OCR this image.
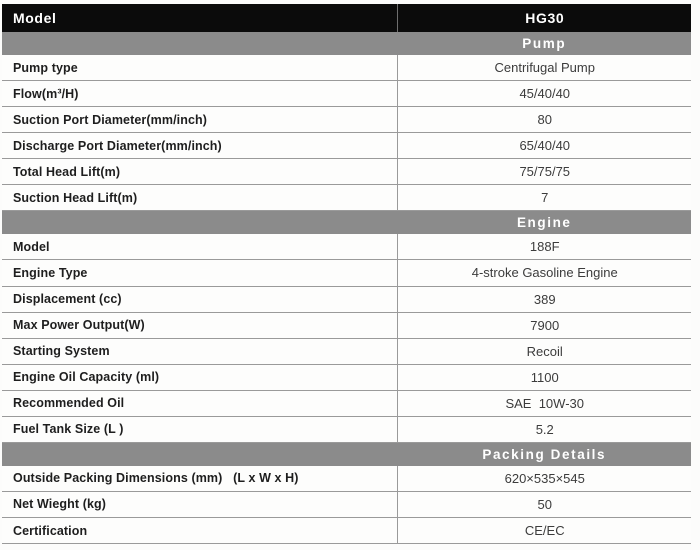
Model	HG30
Pump
Pump type	Centrifugal Pump
Flow(m³/H)	45/40/40
Suction Port Diameter(mm/inch)	80
Discharge Port Diameter(mm/inch)	65/40/40
Total Head Lift(m)	75/75/75
Suction Head Lift(m)	7
Engine
Model	188F
Engine Type	4-stroke Gasoline Engine
Displacement (cc)	389
Max Power Output(W)	7900
Starting System	Recoil
Engine Oil Capacity (ml)	1100
Recommended Oil	SAE  10W-30
Fuel Tank Size (L )	5.2
Packing Details
Outside Packing Dimensions (mm)   (L x W x H)	620×535×545
Net Wieght (kg)	50
Certification	CE/EC
